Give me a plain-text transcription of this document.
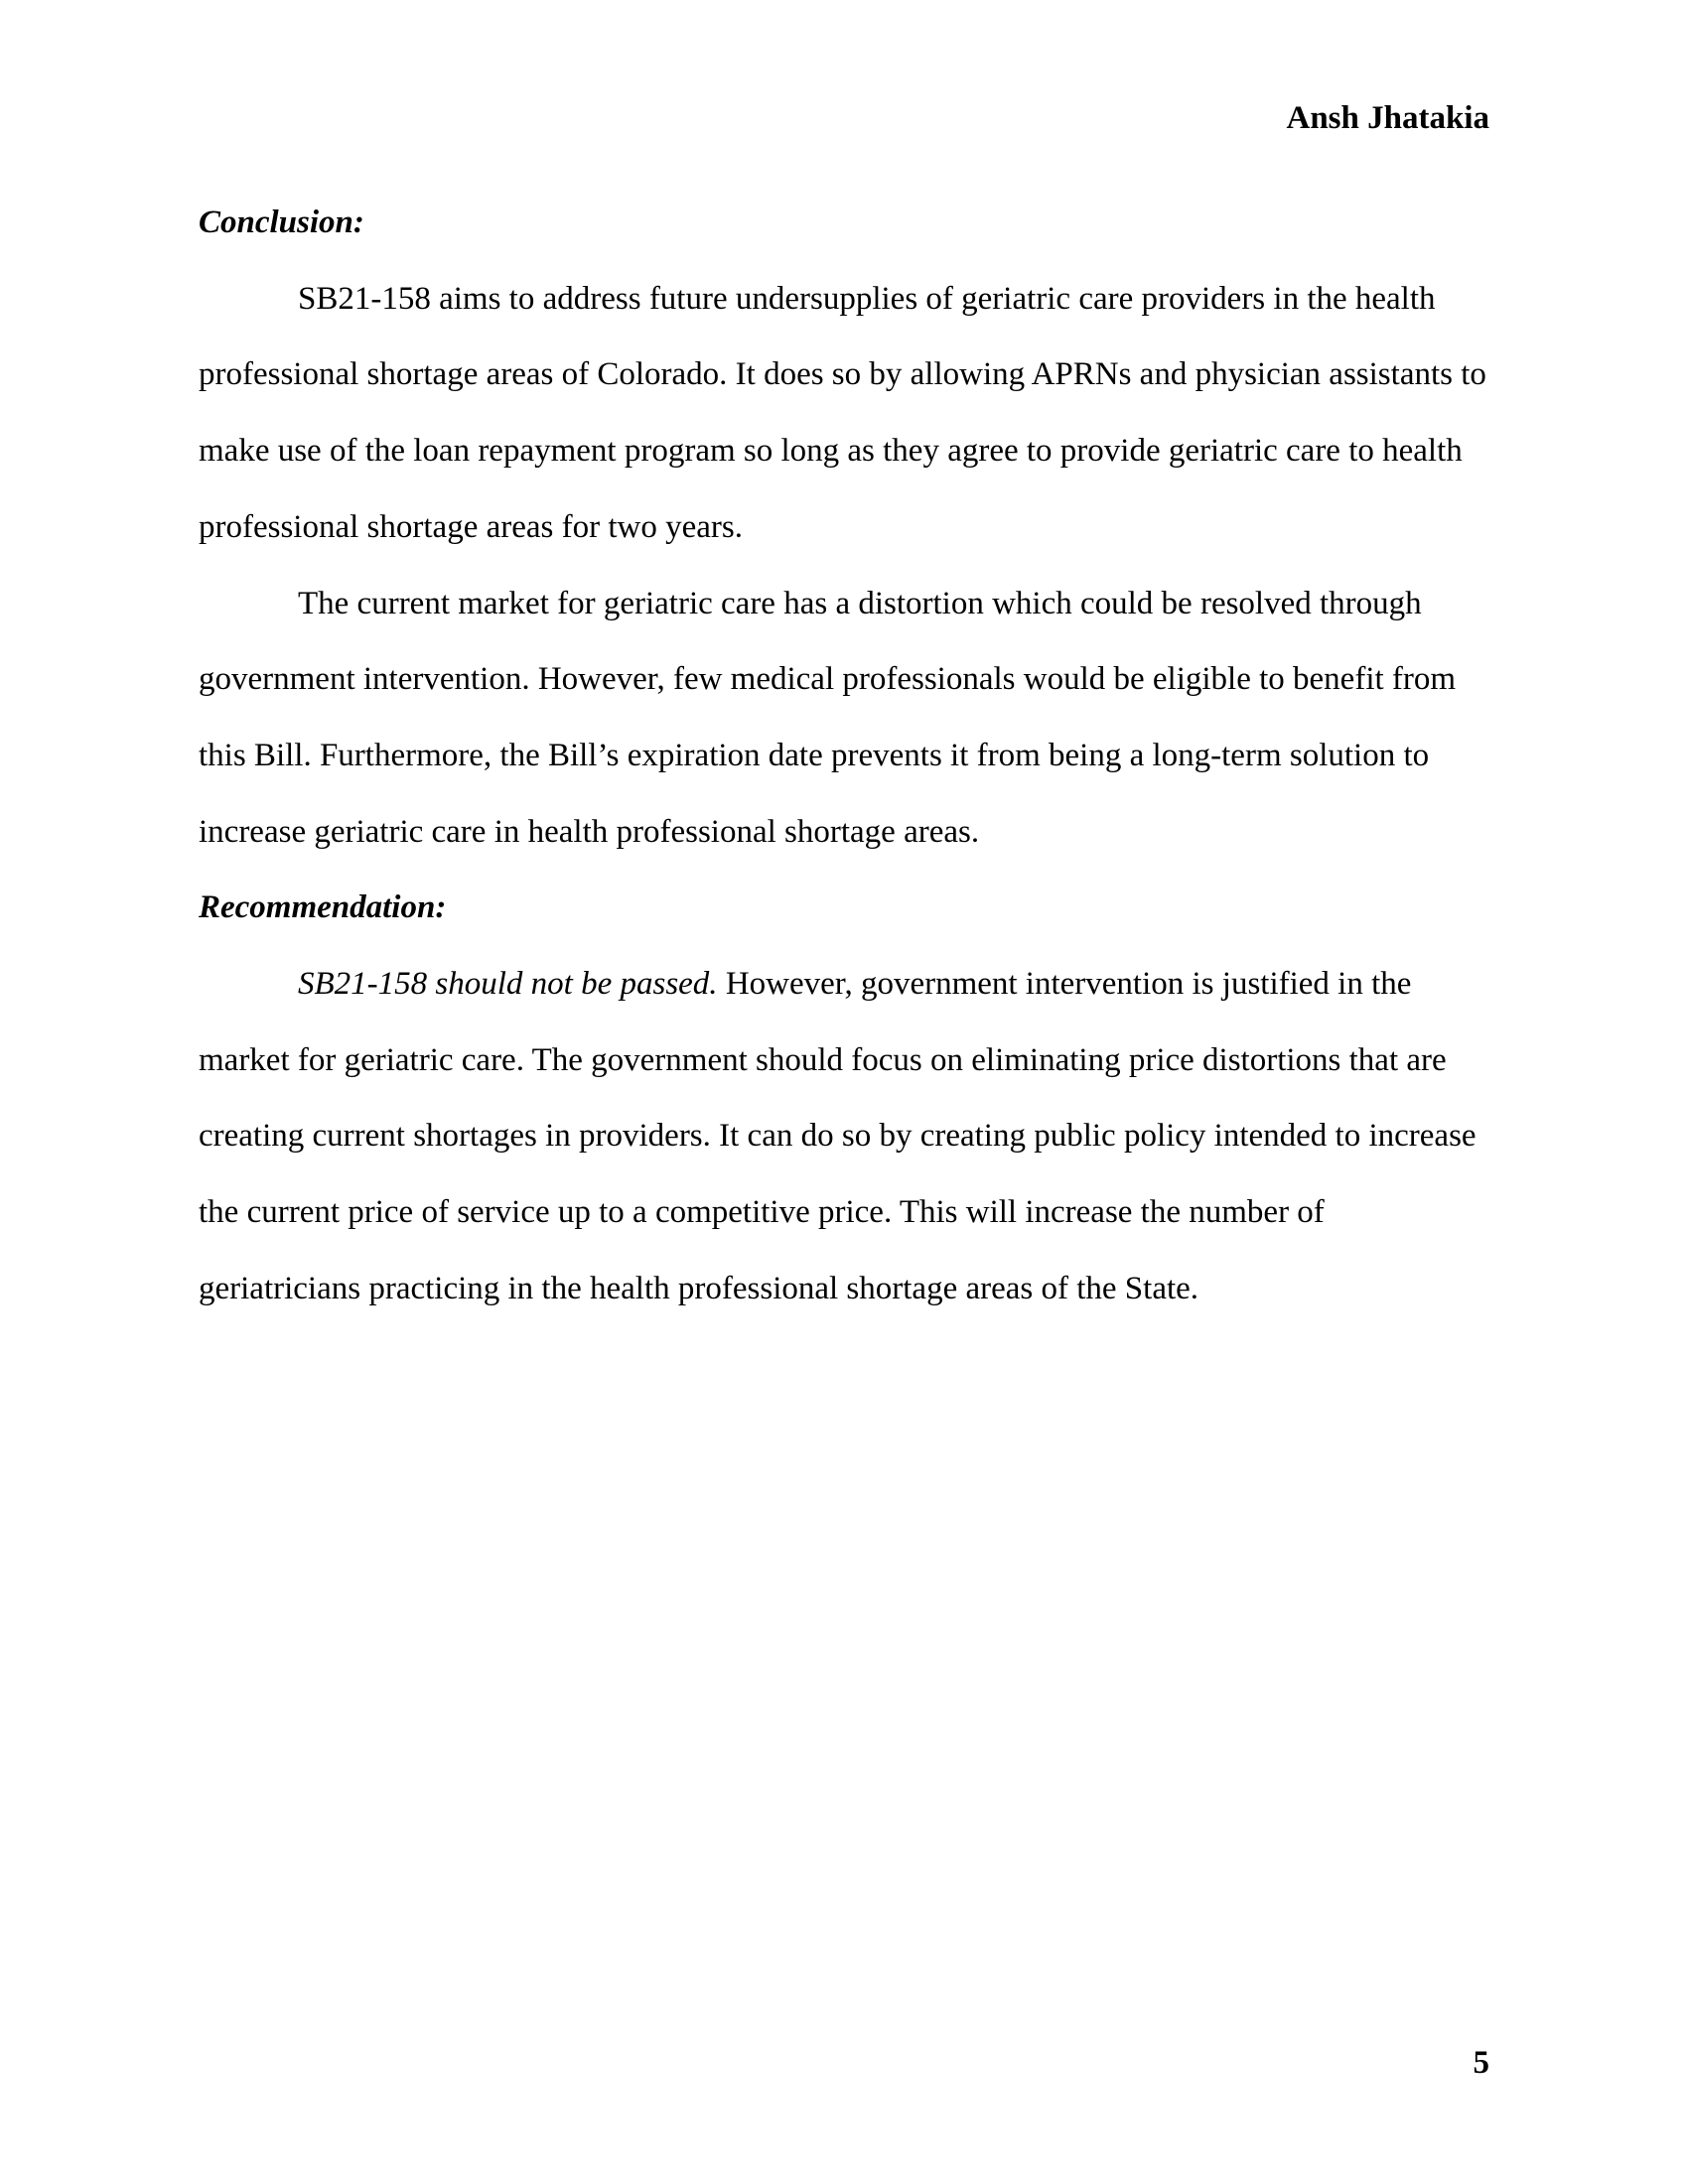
Ansh Jhatakia
Conclusion:

SB21-158 aims to address future undersupplies of geriatric care providers in the health professional shortage areas of Colorado. It does so by allowing APRNs and physician assistants to make use of the loan repayment program so long as they agree to provide geriatric care to health professional shortage areas for two years.

The current market for geriatric care has a distortion which could be resolved through government intervention. However, few medical professionals would be eligible to benefit from this Bill. Furthermore, the Bill’s expiration date prevents it from being a long-term solution to increase geriatric care in health professional shortage areas.

Recommendation:

SB21-158 should not be passed. However, government intervention is justified in the market for geriatric care. The government should focus on eliminating price distortions that are creating current shortages in providers. It can do so by creating public policy intended to increase the current price of service up to a competitive price. This will increase the number of geriatricians practicing in the health professional shortage areas of the State.

5
